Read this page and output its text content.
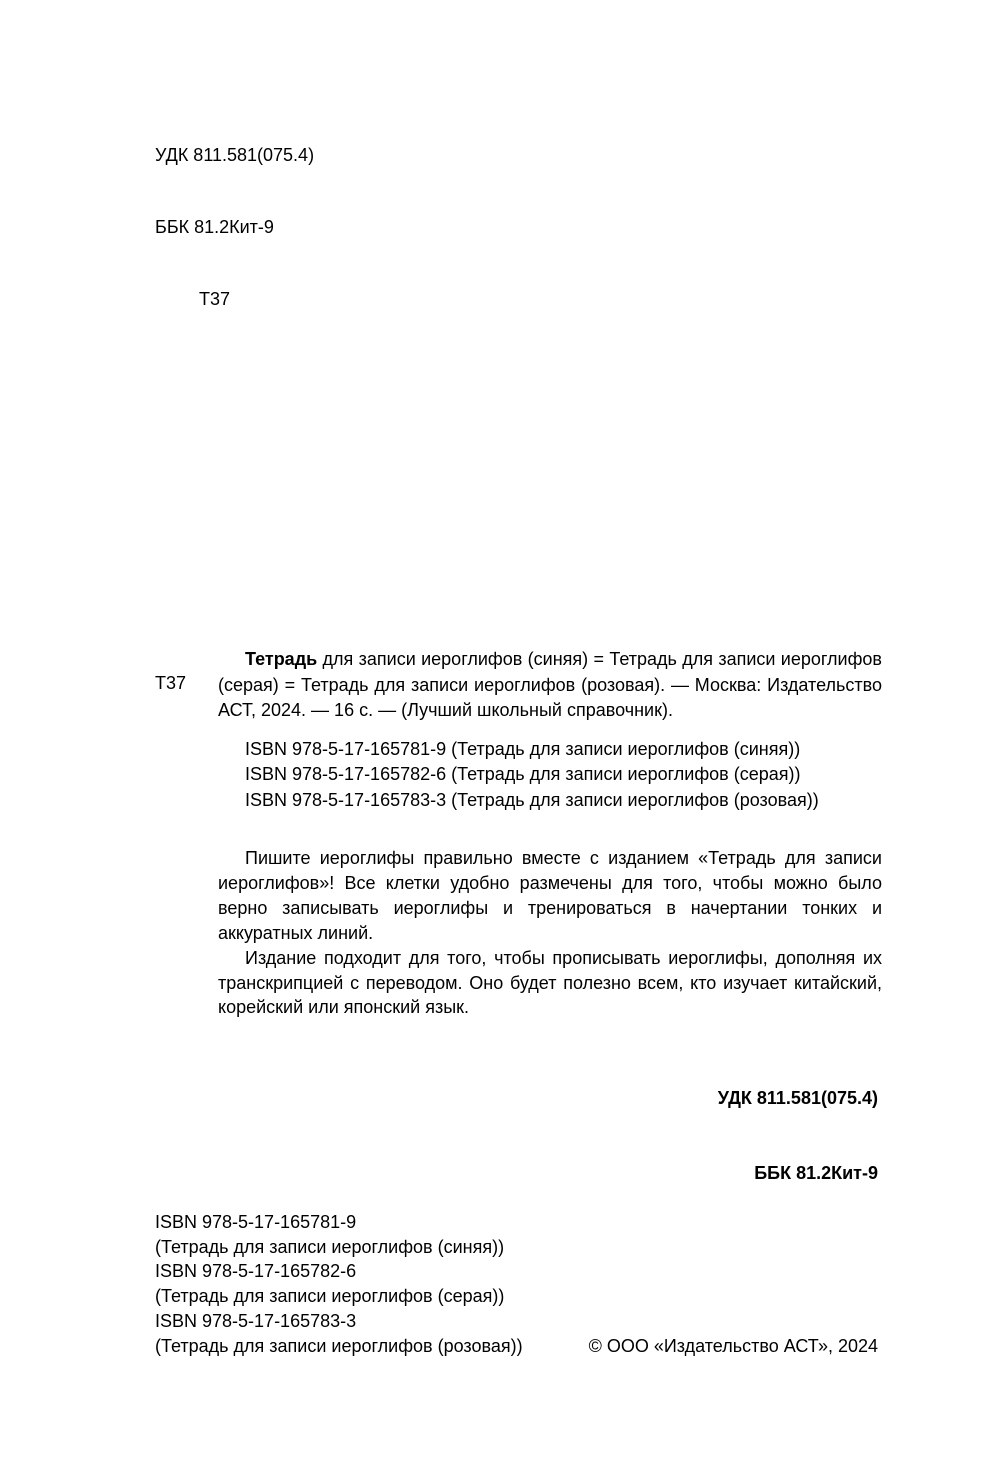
УДК 811.581(075.4)

ББК 81.2Кит-9

Т37

Т37
Тетрадь для записи иероглифов (синяя) = Тетрадь для записи иероглифов (серая) = Тетрадь для записи иероглифов (розовая). — Москва: Издательство АСТ, 2024. — 16 с. — (Лучший школьный справочник).
ISBN 978-5-17-165781-9 (Тетрадь для записи иероглифов (синяя))
ISBN 978-5-17-165782-6 (Тетрадь для записи иероглифов (серая))
ISBN 978-5-17-165783-3 (Тетрадь для записи иероглифов (розовая))

Пишите иероглифы правильно вместе с изданием «Тетрадь для записи иероглифов»! Все клетки удобно размечены для того, чтобы можно было верно записывать иероглифы и тренироваться в начертании тонких и аккуратных линий.

Издание подходит для того, чтобы прописывать иероглифы, дополняя их транскрипцией с переводом. Оно будет полезно всем, кто изучает китайский, корейский или японский язык.

УДК 811.581(075.4)

ББК 81.2Кит-9

ISBN 978-5-17-165781-9
(Тетрадь для записи иероглифов (синяя))
ISBN 978-5-17-165782-6
(Тетрадь для записи иероглифов (серая))
ISBN 978-5-17-165783-3
(Тетрадь для записи иероглифов (розовая))	© ООО «Издательство АСТ», 2024
